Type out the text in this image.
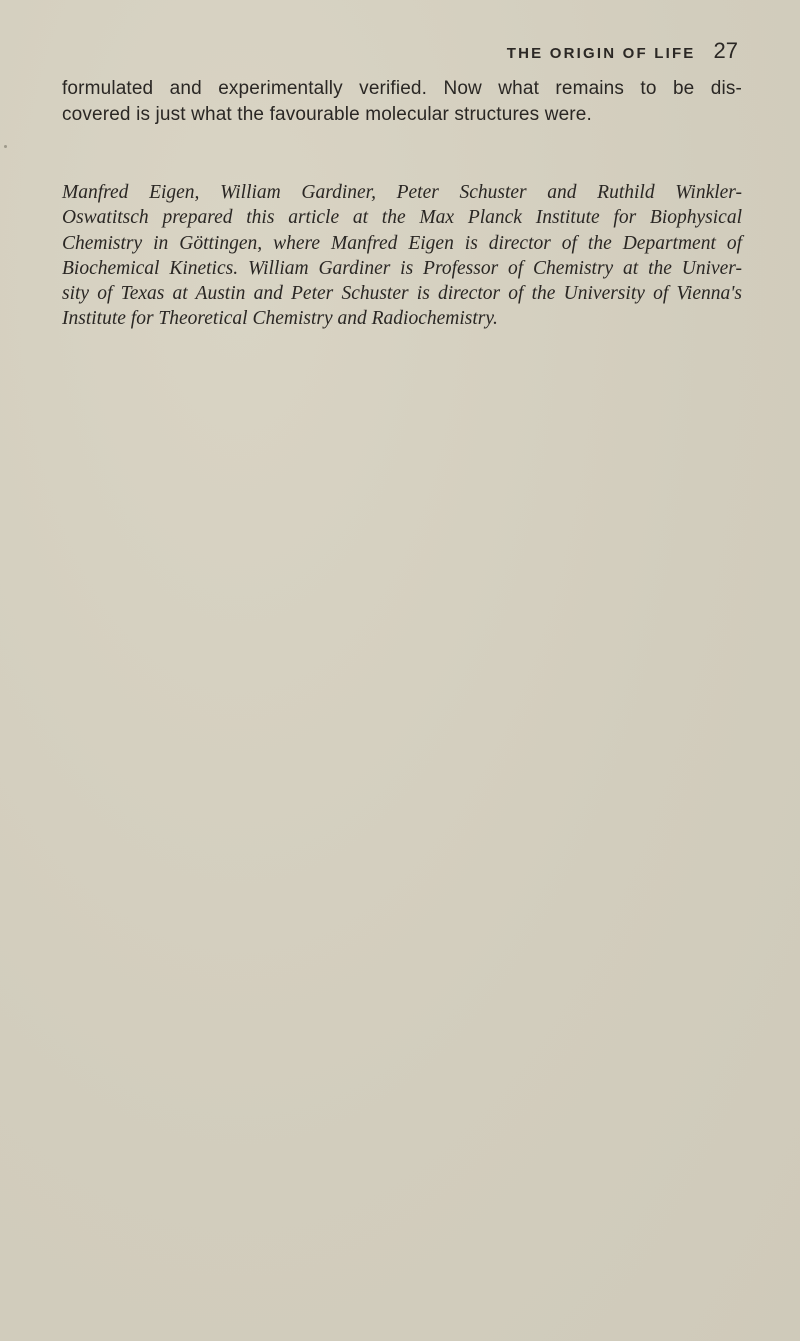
THE ORIGIN OF LIFE 27
formulated and experimentally verified. Now what remains to be dis-
covered is just what the favourable molecular structures were.
Manfred Eigen, William Gardiner, Peter Schuster and Ruthild Winkler-
Oswatitsch prepared this article at the Max Planck Institute for Biophysical
Chemistry in Göttingen, where Manfred Eigen is director of the Department of
Biochemical Kinetics. William Gardiner is Professor of Chemistry at the Univer-
sity of Texas at Austin and Peter Schuster is director of the University of Vienna's
Institute for Theoretical Chemistry and Radiochemistry.
